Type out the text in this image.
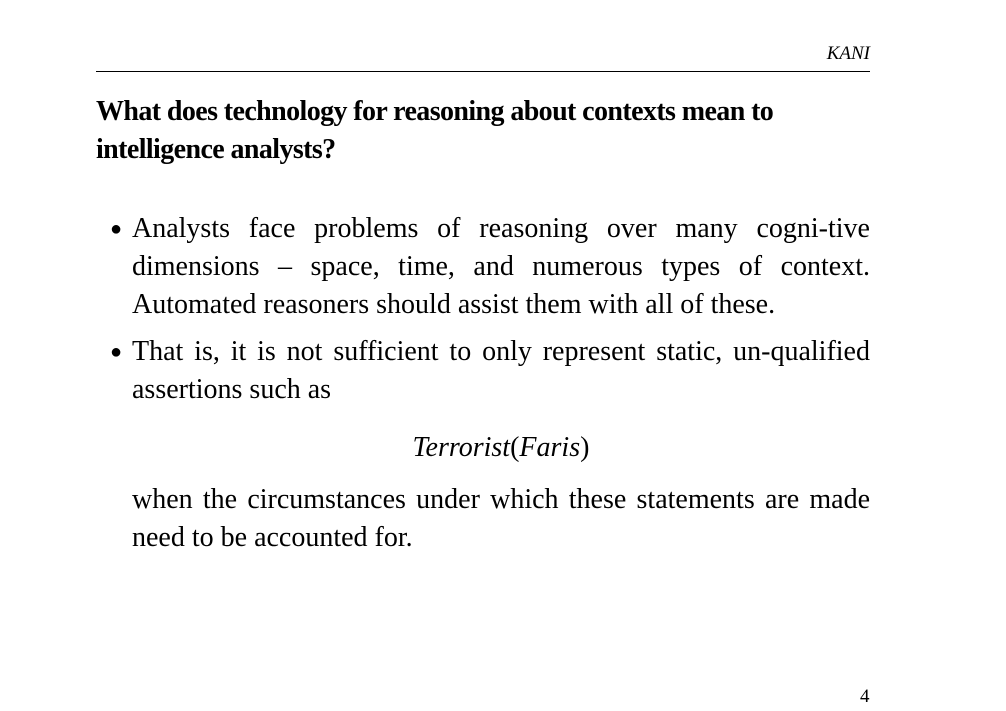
KANI
What does technology for reasoning about contexts mean to intelligence analysts?
● Analysts face problems of reasoning over many cogni-tive dimensions – space, time, and numerous types of context. Automated reasoners should assist them with all of these.
● That is, it is not sufficient to only represent static, un-qualified assertions such as
Terrorist(Faris)
when the circumstances under which these statements are made need to be accounted for.
4
